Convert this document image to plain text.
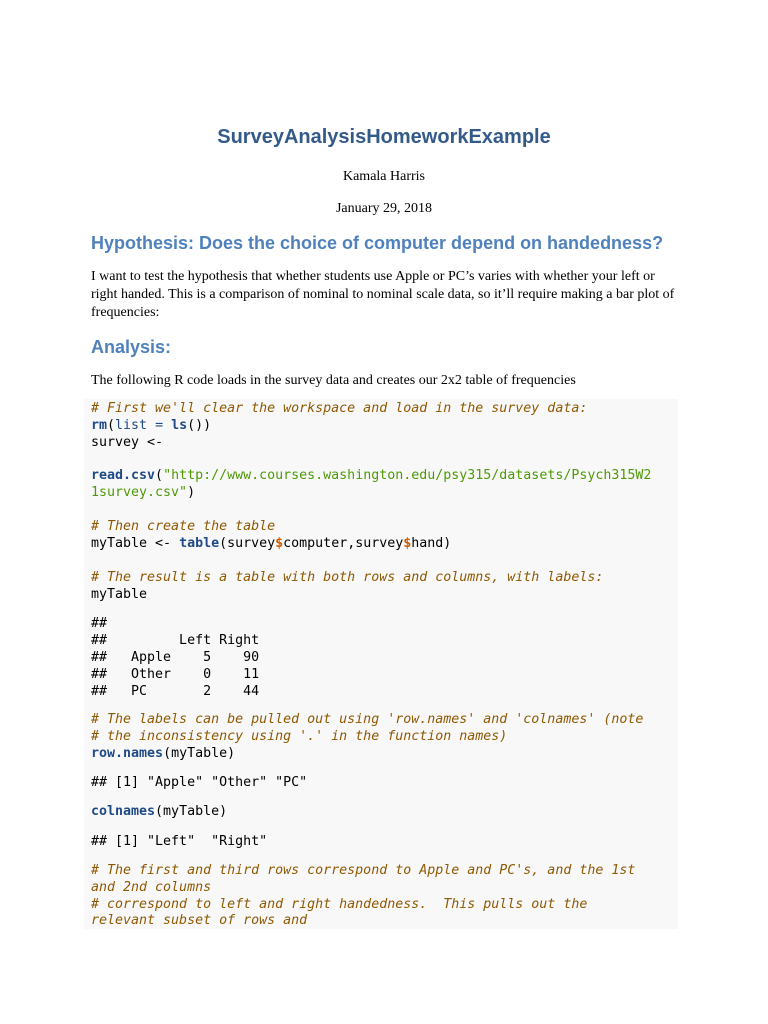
SurveyAnalysisHomeworkExample

Kamala Harris

January 29, 2018

Hypothesis: Does the choice of computer depend on handedness?

I want to test the hypothesis that whether students use Apple or PC’s varies with whether your left or right handed. This is a comparison of nominal to nominal scale data, so it’ll require making a bar plot of frequencies:

Analysis:

The following R code loads in the survey data and creates our 2x2 table of frequencies

# First we'll clear the workspace and load in the survey data:
rm(list = ls())
survey <-
read.csv("http://www.courses.washington.edu/psy315/datasets/Psych315W2
1survey.csv")
# Then create the table
myTable <- table(survey$computer,survey$hand)
# The result is a table with both rows and columns, with labels:
myTable
##
##         Left Right
##   Apple    5    90
##   Other    0    11
##   PC       2    44
# The labels can be pulled out using 'row.names' and 'colnames' (note
# the inconsistency using '.' in the function names)
row.names(myTable)
## [1] "Apple" "Other" "PC"
colnames(myTable)
## [1] "Left"  "Right"
# The first and third rows correspond to Apple and PC's, and the 1st
and 2nd columns
# correspond to left and right handedness.  This pulls out the
relevant subset of rows and
